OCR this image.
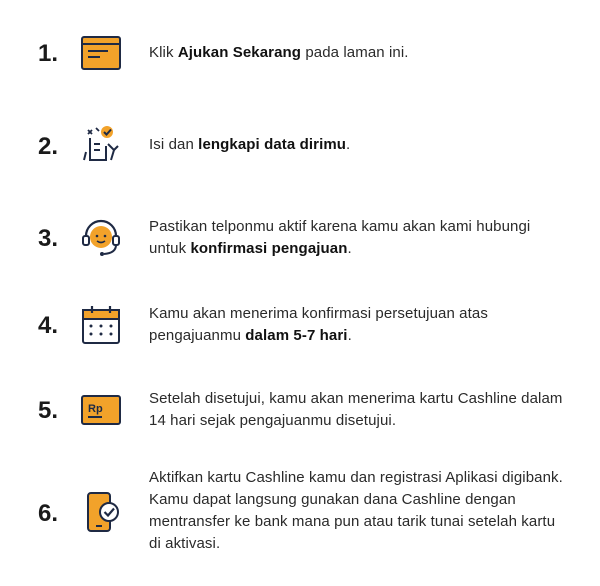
1.	Klik Ajukan Sekarang pada laman ini.
2.	Isi dan lengkapi data dirimu.
3.	Pastikan telponmu aktif karena kamu akan kami hubungi untuk konfirmasi pengajuan.
4.	Kamu akan menerima konfirmasi persetujuan atas pengajuanmu dalam 5-7 hari.
5.	Rp
Setelah disetujui, kamu akan menerima kartu Cashline dalam 14 hari sejak pengajuanmu disetujui.
6.
Aktifkan kartu Cashline kamu dan registrasi Aplikasi digibank. Kamu dapat langsung gunakan dana Cashline dengan mentransfer ke bank mana pun atau tarik tunai setelah kartu di aktivasi.
